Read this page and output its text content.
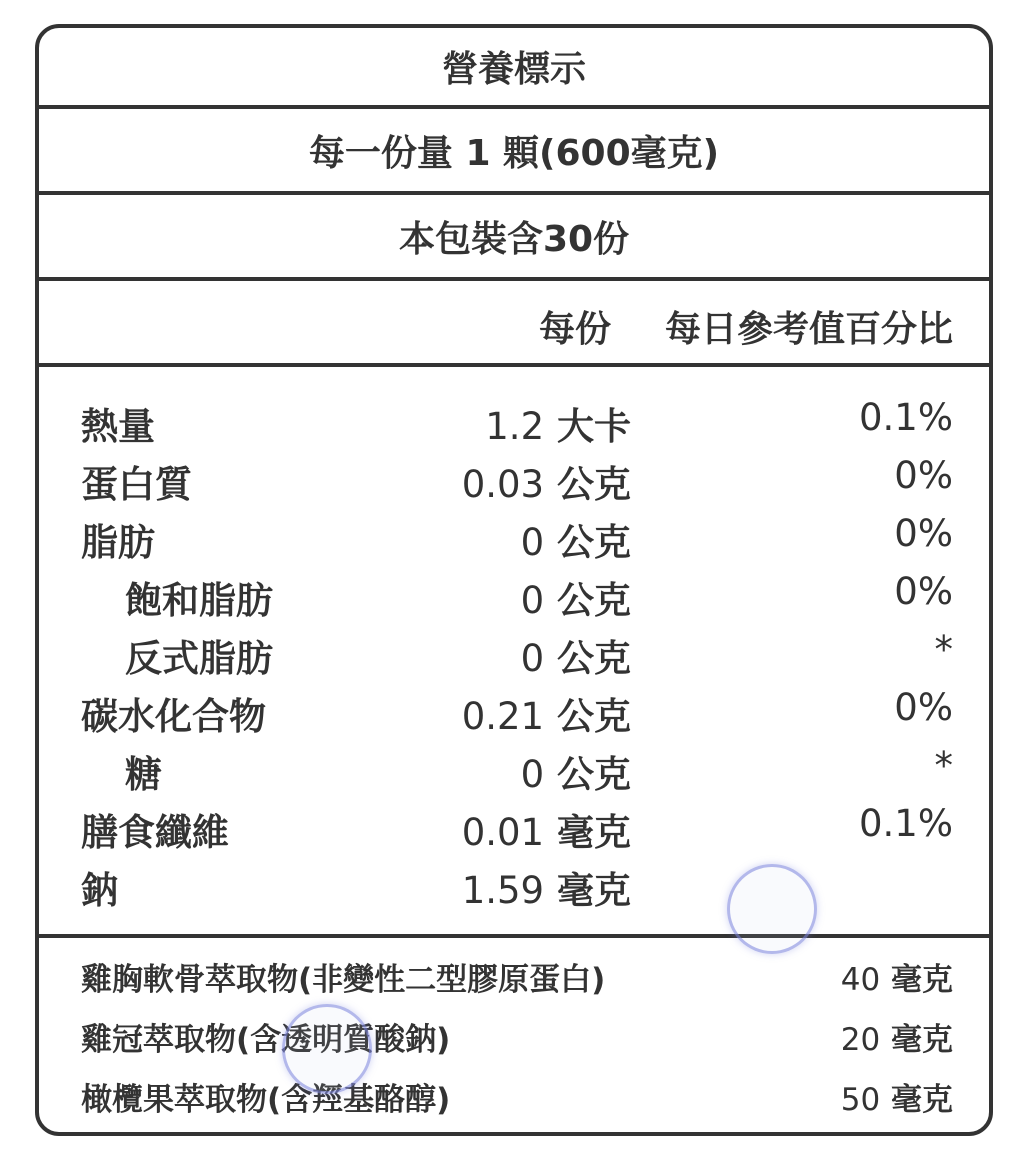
營養標示
每一份量 1 顆(600毫克)
本包裝含30份
每份 每日參考值百分比
熱量	1.2 大卡	0.1%
蛋白質	0.03 公克	0%
脂肪	0 公克	0%
飽和脂肪	0 公克	0%
反式脂肪	0 公克	*
碳水化合物	0.21 公克	0%
糖	0 公克	*
膳食纖維	0.01 毫克	0.1%
鈉	1.59 毫克
雞胸軟骨萃取物(非變性二型膠原蛋白)	40 毫克
雞冠萃取物(含透明質酸鈉)	20 毫克
橄欖果萃取物(含羥基酪醇)	50 毫克
